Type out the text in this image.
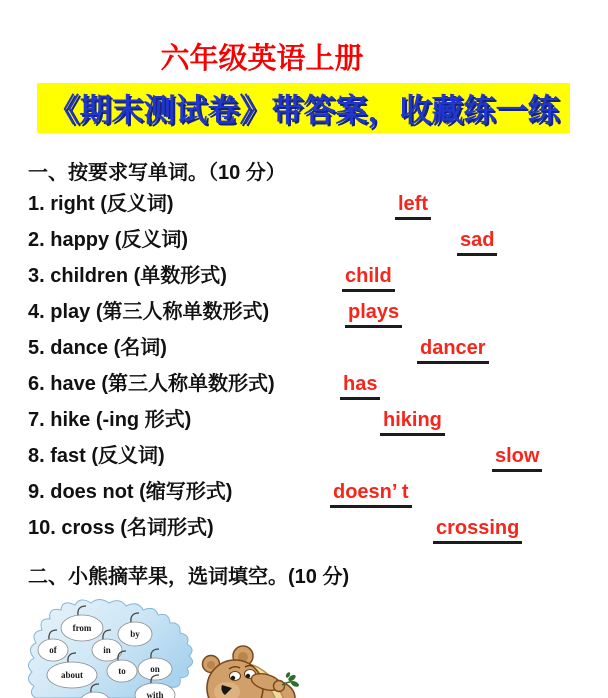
六年级英语上册
《期末测试卷》带答案，收藏练一练
一、按要求写单词。（10 分）
1. right (反义词)	left
2. happy (反义词)	sad
3. children (单数形式)	child
4. play (第三人称单数形式)	plays
5. dance (名词)	dancer
6. have (第三人称单数形式)	has
7. hike (-ing 形式)	hiking
8. fast (反义词)	slow
9. does not (缩写形式)	doesn’ t
10. cross (名词形式)	crossing
二、小熊摘苹果，选词填空。(10 分)
from
by
of	in
about	to	on
with
